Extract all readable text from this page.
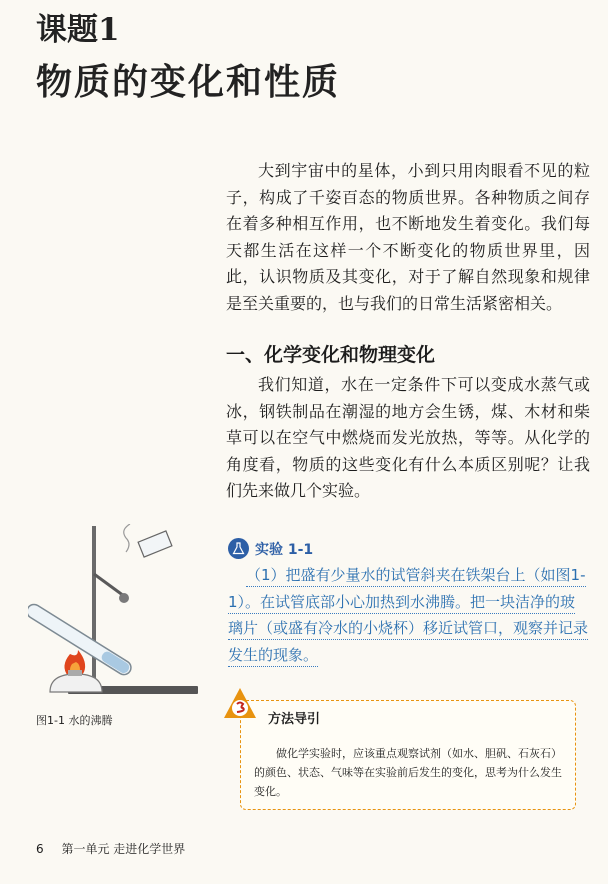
课题1
物质的变化和性质

大到宇宙中的星体，小到只用肉眼看不见的粒子，构成了千姿百态的物质世界。各种物质之间存在着多种相互作用，也不断地发生着变化。我们每天都生活在这样一个不断变化的物质世界里，因此，认识物质及其变化，对于了解自然现象和规律是至关重要的，也与我们的日常生活紧密相关。

一、化学变化和物理变化

我们知道，水在一定条件下可以变成水蒸气或冰，钢铁制品在潮湿的地方会生锈，煤、木材和柴草可以在空气中燃烧而发光放热，等等。从化学的角度看，物质的这些变化有什么本质区别呢？让我们先来做几个实验。

图1-1 水的沸腾
实验 1-1

（1）把盛有少量水的试管斜夹在铁架台上（如图1-1）。在试管底部小心加热到水沸腾。把一块洁净的玻璃片（或盛有冷水的小烧杯）移近试管口，观察并记录发生的现象。

方法导引

做化学实验时，应该重点观察试剂（如水、胆矾、石灰石）的颜色、状态、气味等在实验前后发生的变化，思考为什么发生变化。

6 第一单元 走进化学世界
